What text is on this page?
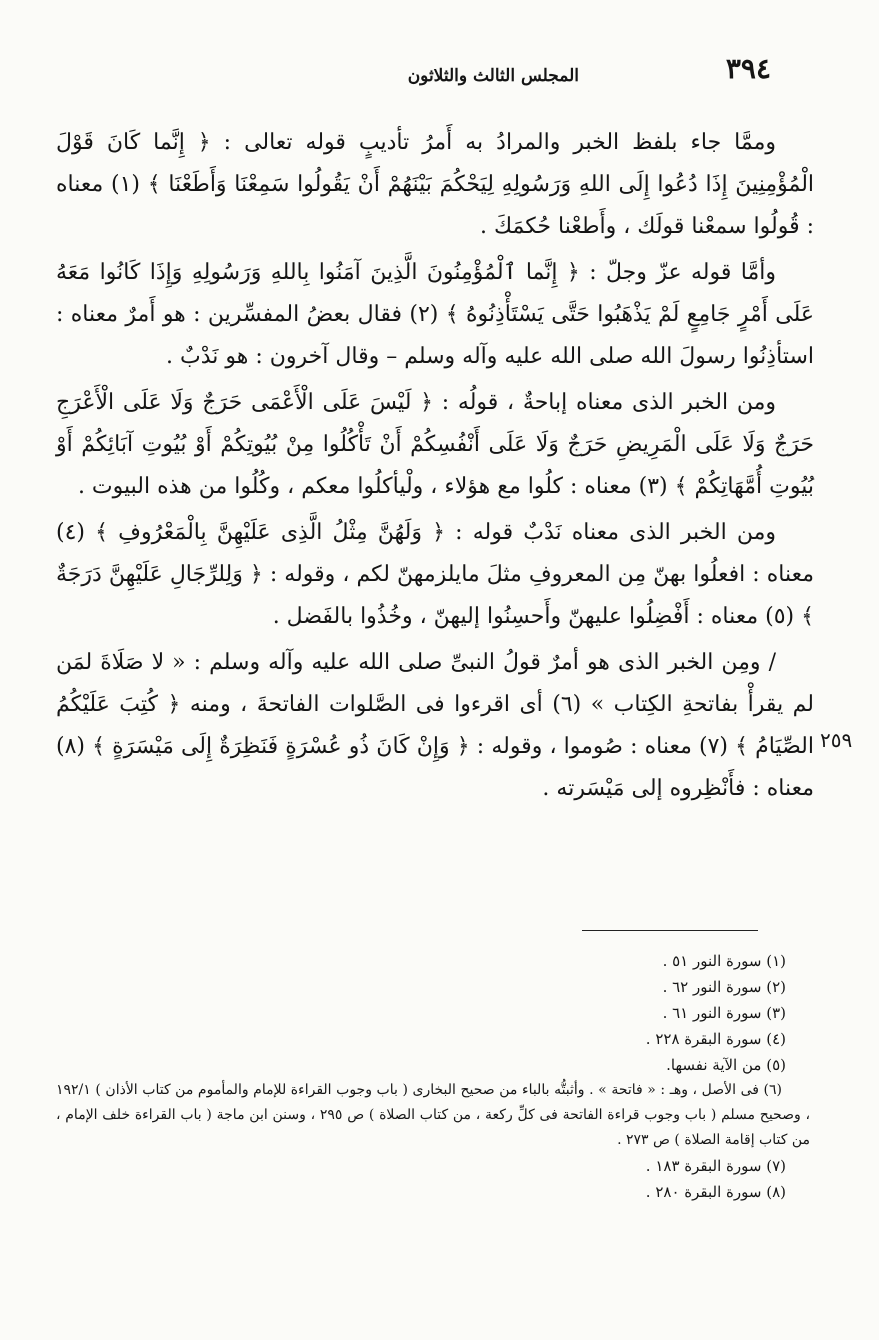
٣٩٤
المجلس الثالث والثلاثون

وممَّا جاء بلفظ الخبر والمرادُ به أَمرُ تأديبٍ قوله تعالى : ﴿ إِنَّما كَانَ قَوْلَ الْمُؤْمِنِينَ إِذَا دُعُوا إِلَى اللهِ وَرَسُولِهِ لِيَحْكُمَ بَيْنَهُمْ أَنْ يَقُولُوا سَمِعْنَا وَأَطَعْنَا ﴾ (١) معناه : قُولُوا سمعْنا قولَك ، وأَطعْنا حُكمَكَ .

وأمَّا قوله عزّ وجلّ : ﴿ إِنَّما ٱلْمُؤْمِنُونَ الَّذِينَ آمَنُوا بِاللهِ وَرَسُولِهِ وَإِذَا كَانُوا مَعَهُ عَلَى أَمْرٍ جَامِعٍ لَمْ يَذْهَبُوا حَتَّى يَسْتَأْذِنُوهُ ﴾ (٢) فقال بعضُ المفسِّرين : هو أَمرٌ معناه : استأذِنُوا رسولَ الله صلى الله عليه وآله وسلم – وقال آخرون : هو نَدْبٌ .

ومن الخبر الذى معناه إباحةٌ ، قولُه : ﴿ لَيْسَ عَلَى الْأَعْمَى حَرَجٌ وَلَا عَلَى الْأَعْرَجِ حَرَجٌ وَلَا عَلَى الْمَرِيضِ حَرَجٌ وَلَا عَلَى أَنْفُسِكُمْ أَنْ تَأْكُلُوا مِنْ بُيُوتِكُمْ أَوْ بُيُوتِ آبَائِكُمْ أَوْ بُيُوتِ أُمَّهَاتِكُمْ ﴾ (٣) معناه : كلُوا مع هؤلاء ، ولْيأكلُوا معكم ، وكُلُوا من هذه البيوت .

ومن الخبر الذى معناه نَدْبٌ قوله : ﴿ وَلَهُنَّ مِثْلُ الَّذِى عَلَيْهِنَّ بِالْمَعْرُوفِ ﴾ (٤) معناه : افعلُوا بهنّ مِن المعروفِ مثلَ مايلزمهنّ لكم ، وقوله : ﴿ وَلِلرِّجَالِ عَلَيْهِنَّ دَرَجَةٌ ﴾ (٥) معناه : أَفْضِلُوا عليهنّ وأَحسِنُوا إليهنّ ، وخُذُوا بالفَضل .

/ ومِن الخبر الذى هو أمرٌ قولُ النبىِّ صلى الله عليه وآله وسلم : « لا صَلَاةَ لمَن لم يقرأْ بفاتحةِ الكِتاب » (٦) أى اقرءوا فى الصَّلوات الفاتحةَ ، ومنه ﴿ كُتِبَ عَلَيْكُمُ الصِّيَامُ ﴾ (٧) معناه : صُوموا ، وقوله : ﴿ وَإِنْ كَانَ ذُو عُسْرَةٍ فَنَظِرَةٌ إِلَى مَيْسَرَةٍ ﴾ (٨) معناه : فأَنْظِروه إلى مَيْسَرته .

٢٥٩

(١) سورة النور ٥١ .

(٢) سورة النور ٦٢ .

(٣) سورة النور ٦١ .

(٤) سورة البقرة ٢٢٨ .

(٥) من الآية نفسها.

(٦) فى الأصل ، وهـ : « فاتحة » . وأثبتُّه بالباء من صحيح البخارى ( باب وجوب القراءة للإمام والمأموم من كتاب الأذان ) ١٩٢/١ ، وصحيح مسلم ( باب وجوب قراءة الفاتحة فى كلِّ ركعة ، من كتاب الصلاة ) ص ٢٩٥ ، وسنن ابن ماجة ( باب القراءة خلف الإمام ، من كتاب إقامة الصلاة ) ص ٢٧٣ .

(٧) سورة البقرة ١٨٣ .

(٨) سورة البقرة ٢٨٠ .
